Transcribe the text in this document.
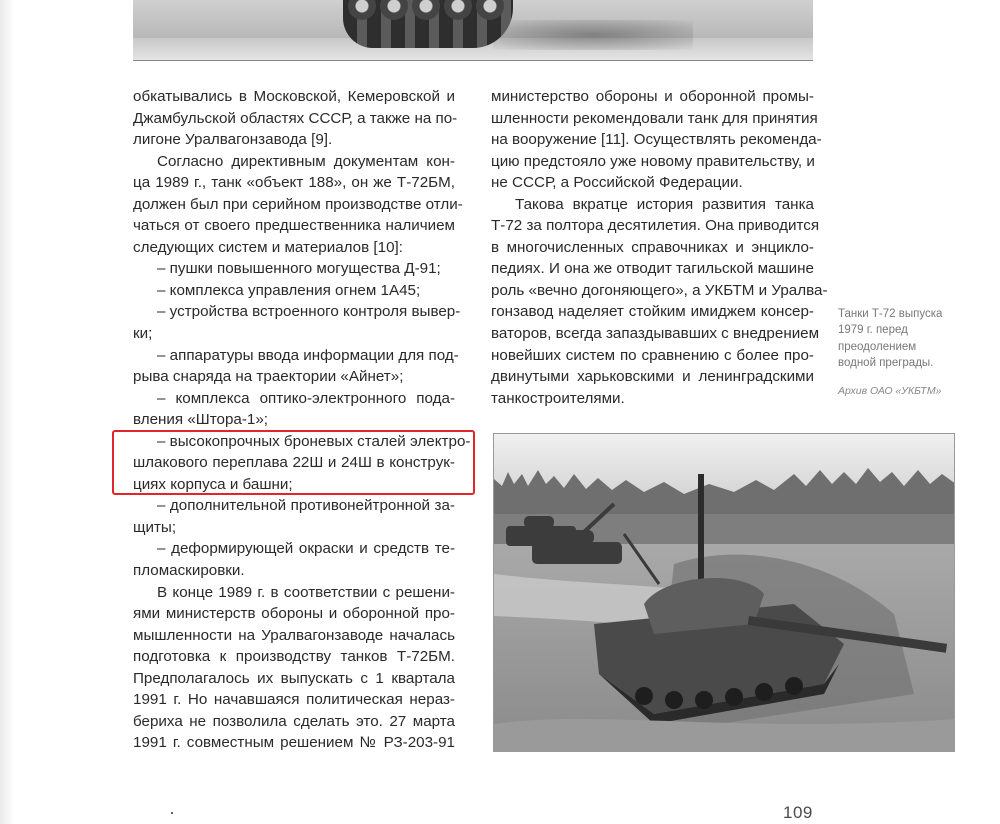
обкатывались в Московской, Кемеровской и
Джамбульской областях СССР, а также на по-
лигоне Уралвагонзавода [9].
Согласно директивным документам кон-
ца 1989 г., танк «объект 188», он же Т-72БМ,
должен был при серийном производстве отли-
чаться от своего предшественника наличием
следующих систем и материалов [10]:
– пушки повышенного могущества Д-91;
– комплекса управления огнем 1А45;
– устройства встроенного контроля вывер-
ки;
– аппаратуры ввода информации для под-
рыва снаряда на траектории «Айнет»;
– комплекса оптико-электронного пода-
вления «Штора-1»;
– высокопрочных броневых сталей электро-
шлакового переплава 22Ш и 24Ш в конструк-
циях корпуса и башни;
– дополнительной противонейтронной за-
щиты;
– деформирующей окраски и средств те-
пломаскировки.
В конце 1989 г. в соответствии с решени-
ями министерств обороны и оборонной про-
мышленности на Уралвагонзаводе началась
подготовка к производству танков Т-72БМ.
Предполагалось их выпускать с 1 квартала
1991 г. Но начавшаяся политическая нераз-
бериха не позволила сделать это. 27 марта
1991 г. совместным решением № РЗ-203-91
министерство обороны и оборонной промы-
шленности рекомендовали танк для принятия
на вооружение [11]. Осуществлять рекоменда-
цию предстояло уже новому правительству, и
не СССР, а Российской Федерации.
Такова вкратце история развития танка
Т-72 за полтора десятилетия. Она приводится
в многочисленных справочниках и энцикло-
педиях. И она же отводит тагильской машине
роль «вечно догоняющего», а УКБТМ и Уралва-
гонзавод наделяет стойким имиджем консер-
ваторов, всегда запаздывавших с внедрением
новейших систем по сравнению с более про-
двинутыми харьковскими и ленинградскими
танкостроителями.
Танки Т-72 выпуска
1979 г. перед
преодолением
водной преграды.
Архив ОАО «УКБТМ»
109
